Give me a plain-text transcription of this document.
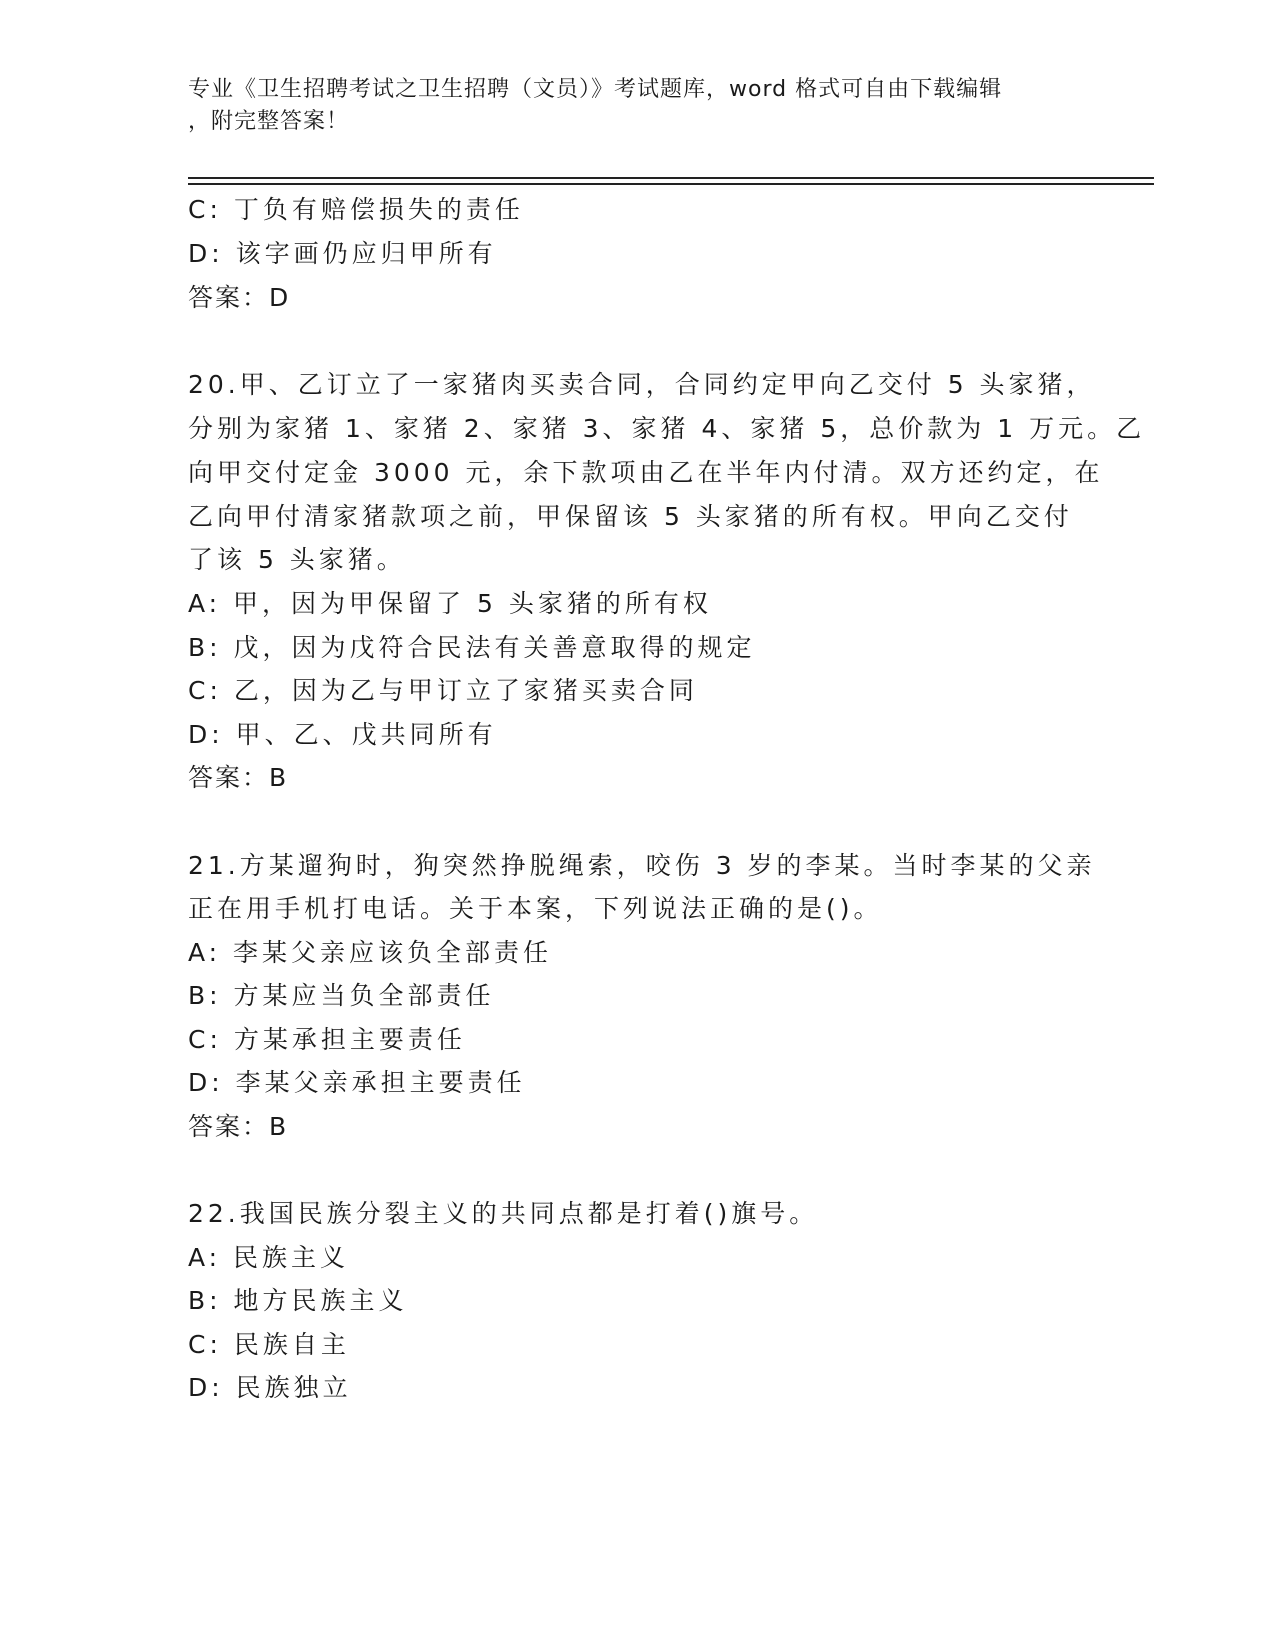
专业《卫生招聘考试之卫生招聘（文员）》考试题库，word 格式可自由下载编辑
，附完整答案！
C: 丁负有赔偿损失的责任
D: 该字画仍应归甲所有
答案：D
20.甲、乙订立了一家猪肉买卖合同，合同约定甲向乙交付 5 头家猪，
分别为家猪 1、家猪 2、家猪 3、家猪 4、家猪 5，总价款为 1 万元。乙
向甲交付定金 3000 元，余下款项由乙在半年内付清。双方还约定，在
乙向甲付清家猪款项之前，甲保留该 5 头家猪的所有权。甲向乙交付
了该 5 头家猪。
A: 甲，因为甲保留了 5 头家猪的所有权
B: 戊，因为戊符合民法有关善意取得的规定
C: 乙，因为乙与甲订立了家猪买卖合同
D: 甲、乙、戊共同所有
答案：B
21.方某遛狗时，狗突然挣脱绳索，咬伤 3 岁的李某。当时李某的父亲
正在用手机打电话。关于本案，下列说法正确的是()。
A: 李某父亲应该负全部责任
B: 方某应当负全部责任
C: 方某承担主要责任
D: 李某父亲承担主要责任
答案：B
22.我国民族分裂主义的共同点都是打着()旗号。
A: 民族主义
B: 地方民族主义
C: 民族自主
D: 民族独立
